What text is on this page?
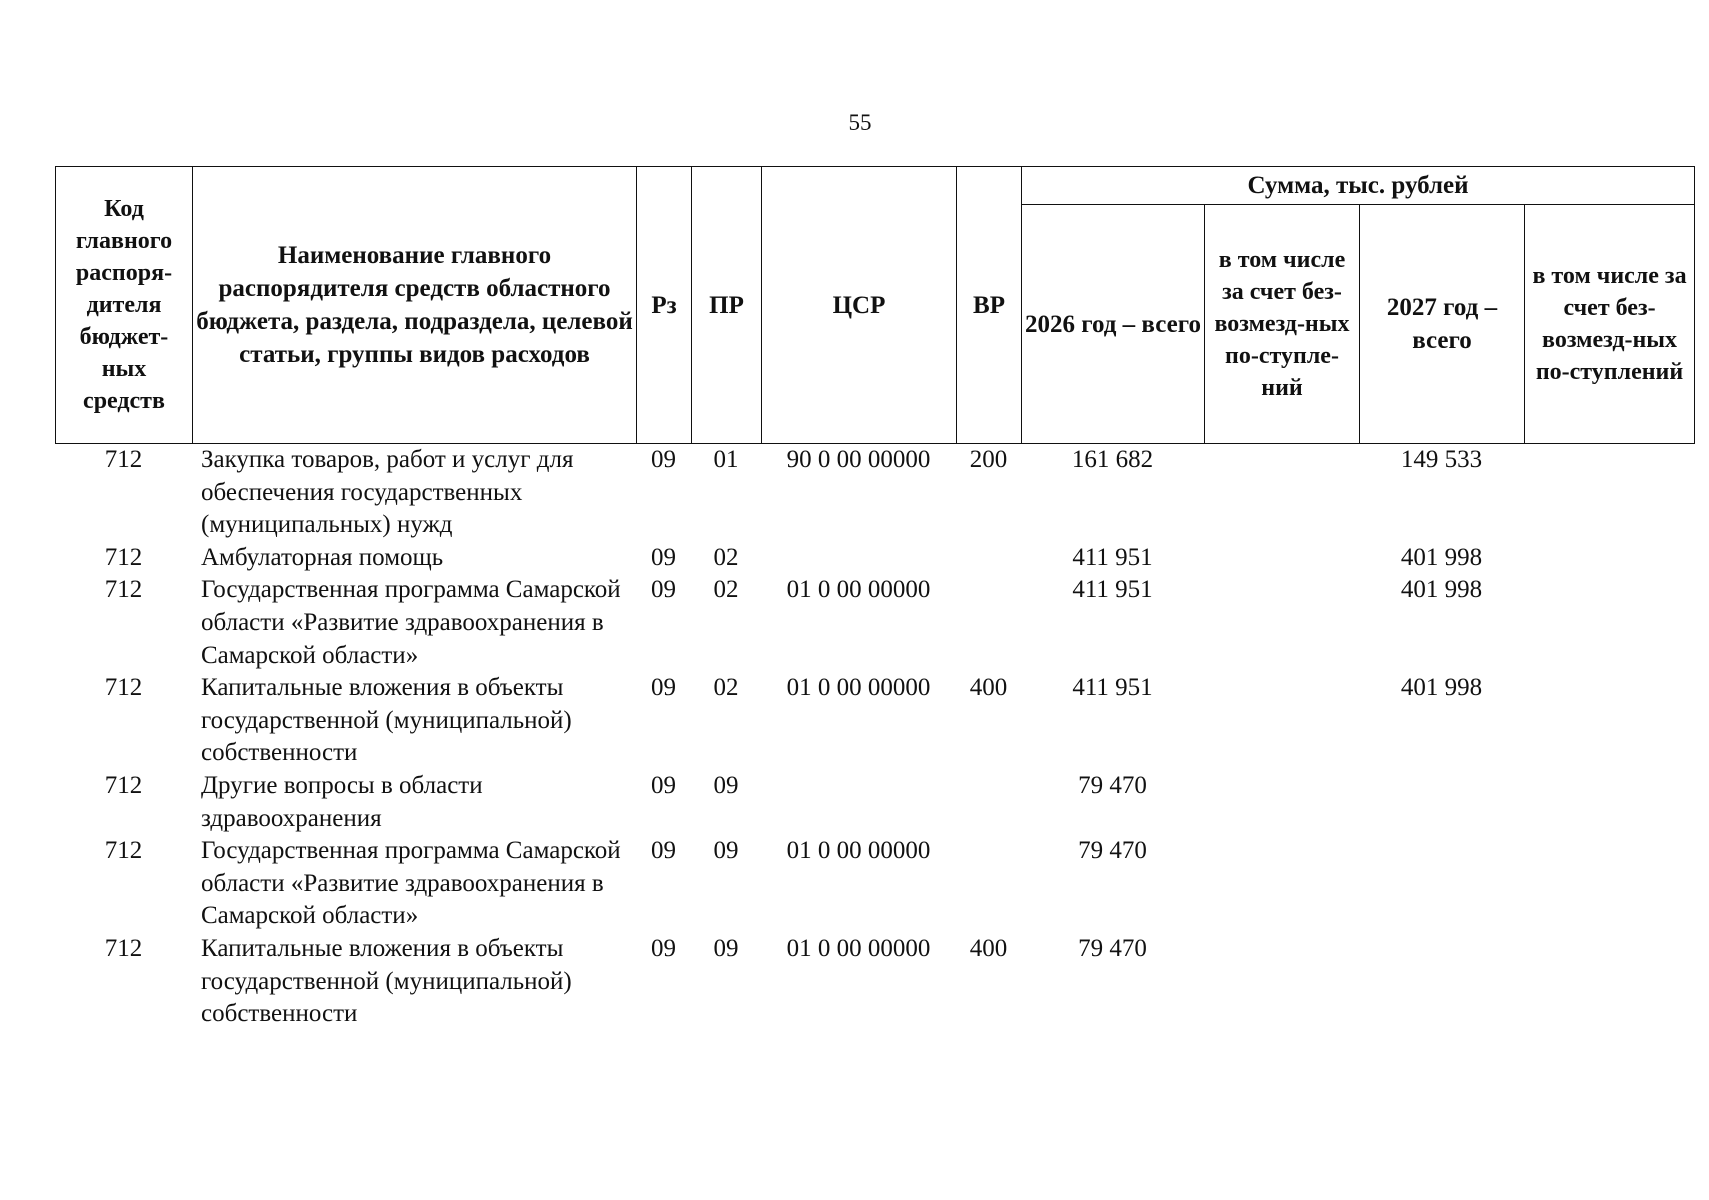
55
Код главного распоря-дителя бюджет-ных средств	Наименование главного распорядителя средств областного бюджета, раздела, подраздела, целевой статьи, группы видов расходов	Рз	ПР	ЦСР	ВР	Сумма, тыс. рублей			
						2026 год – всего	в том числе за счет без-возмезд-ных по-ступле-ний	2027 год – всего	в том числе за счет без-возмезд-ных по-ступлений
712	Закупка товаров, работ и услуг для обеспечения государственных (муниципальных) нужд	09	01	90 0 00 00000	200	161 682		149 533	
712	Амбулаторная помощь	09	02			411 951		401 998	
712	Государственная программа Самарской области «Развитие здравоохранения в Самарской области»	09	02	01 0 00 00000		411 951		401 998	
712	Капитальные вложения в объекты государственной (муниципальной) собственности	09	02	01 0 00 00000	400	411 951		401 998	
712	Другие вопросы в области здравоохранения	09	09			79 470			
712	Государственная программа Самарской области «Развитие здравоохранения в Самарской области»	09	09	01 0 00 00000		79 470			
712	Капитальные вложения в объекты государственной (муниципальной) собственности	09	09	01 0 00 00000	400	79 470			
